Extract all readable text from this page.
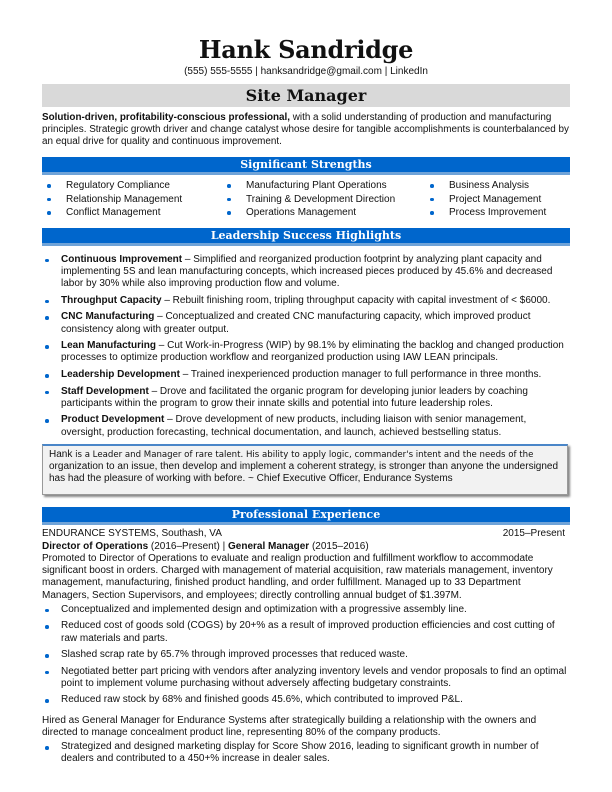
Hank Sandridge
(555) 555-5555 | hanksandridge@gmail.com | LinkedIn
Site Manager

Solution-driven, profitability-conscious professional, with a solid understanding of production and manufacturing principles. Strategic growth driver and change catalyst whose desire for tangible accomplishments is counterbalanced by an equal drive for quality and continuous improvement.

Significant Strengths
Regulatory Compliance
Relationship Management
Conflict Management
Manufacturing Plant Operations
Training & Development Direction
Operations Management
Business Analysis
Project Management
Process Improvement
Leadership Success Highlights
Continuous Improvement – Simplified and reorganized production footprint by analyzing plant capacity and implementing 5S and lean manufacturing concepts, which increased pieces produced by 45.6% and decreased labor by 30% while also improving production flow and volume.
Throughput Capacity – Rebuilt finishing room, tripling throughput capacity with capital investment of < $6000.
CNC Manufacturing – Conceptualized and created CNC manufacturing capacity, which improved product consistency along with greater output.
Lean Manufacturing – Cut Work-in-Progress (WIP) by 98.1% by eliminating the backlog and changed production processes to optimize production workflow and reorganized production using IAW LEAN principals.
Leadership Development – Trained inexperienced production manager to full performance in three months.
Staff Development – Drove and facilitated the organic program for developing junior leaders by coaching participants within the program to grow their innate skills and potential into future leadership roles.
Product Development – Drove development of new products, including liaison with senior management, oversight, production forecasting, technical documentation, and launch, achieved bestselling status.
Hank is a Leader and Manager of rare talent. His ability to apply logic, commander's intent and the needs of the organization to an issue, then develop and implement a coherent strategy, is stronger than anyone the undersigned has had the pleasure of working with before. ~ Chief Executive Officer, Endurance Systems
Professional Experience
ENDURANCE SYSTEMS, Southash, VA	2015–Present

Director of Operations (2016–Present) | General Manager (2015–2016)

Promoted to Director of Operations to evaluate and realign production and fulfillment workflow to accommodate significant boost in orders. Charged with management of material acquisition, raw materials management, inventory management, manufacturing, finished product handling, and order fulfillment. Managed up to 33 Department Managers, Section Supervisors, and employees; directly controlling annual budget of $1.397M.

Conceptualized and implemented design and optimization with a progressive assembly line.
Reduced cost of goods sold (COGS) by 20+% as a result of improved production efficiencies and cost cutting of raw materials and parts.
Slashed scrap rate by 65.7% through improved processes that reduced waste.
Negotiated better part pricing with vendors after analyzing inventory levels and vendor proposals to find an optimal point to implement volume purchasing without adversely affecting budgetary constraints.
Reduced raw stock by 68% and finished goods 45.6%, which contributed to improved P&L.

Hired as General Manager for Endurance Systems after strategically building a relationship with the owners and directed to manage concealment product line, representing 80% of the company products.

Strategized and designed marketing display for Score Show 2016, leading to significant growth in number of dealers and contributed to a 450+% increase in dealer sales.
